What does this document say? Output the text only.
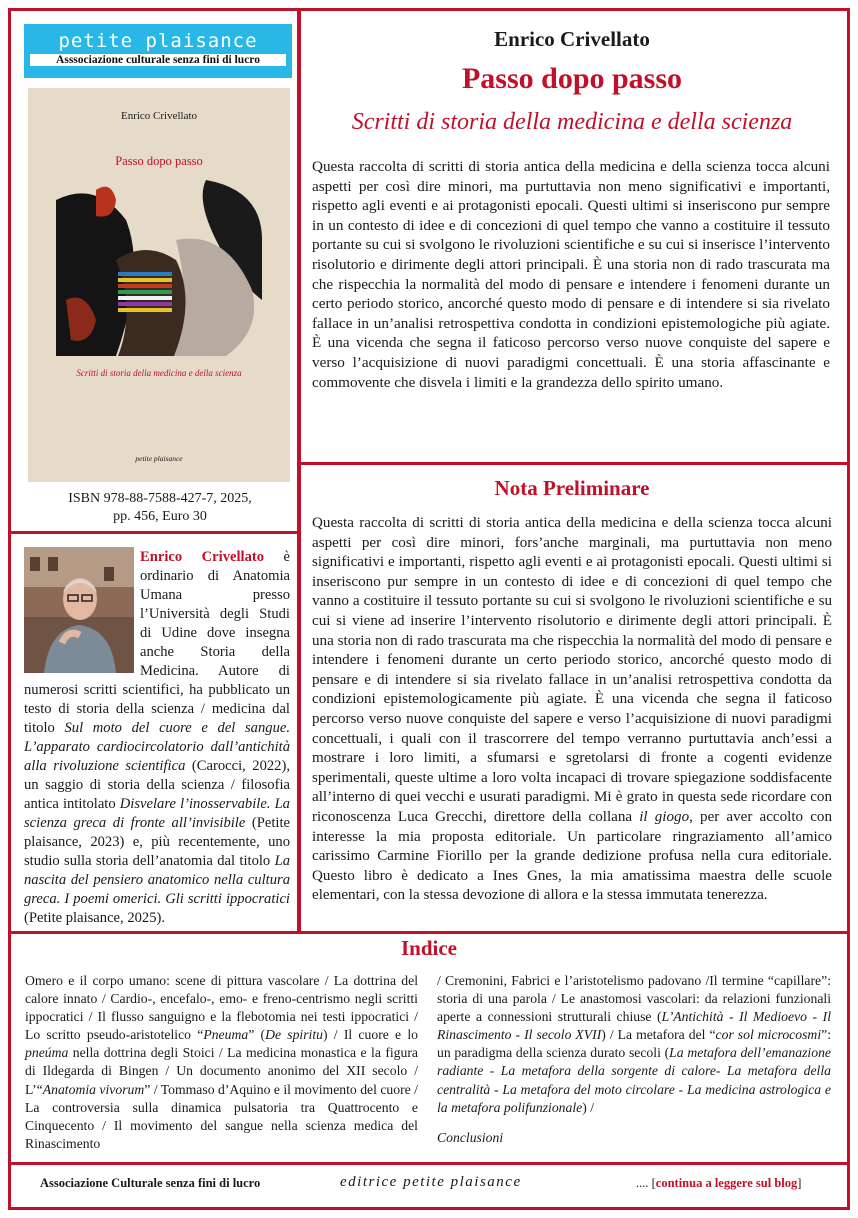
petite plaisance
Asssociazione culturale senza fini di lucro
Enrico Crivellato
Passo dopo passo
Scritti di storia della medicina e della scienza
petite plaisance
ISBN 978-88-7588-427-7, 2025,
pp. 456, Euro 30
Enrico Crivellato
Passo dopo passo
Scritti di storia della medicina e della scienza
Questa raccolta di scritti di storia antica della medicina e della scienza tocca alcuni aspetti per così dire minori, ma purtuttavia non meno significativi e importanti, rispetto agli eventi e ai protagonisti epocali. Questi ultimi si inseriscono pur sempre in un contesto di idee e di concezioni di quel tempo che vanno a costituire il tessuto portante su cui si svolgono le rivoluzioni scientifiche e su cui si inserisce l’intervento risolutorio e dirimente degli attori principali. È una storia non di rado trascurata ma che rispecchia la normalità del modo di pensare e intendere i fenomeni durante un certo periodo storico, ancorché questo modo di pensare e di intendere si sia rivelato fallace in un’analisi retrospettiva condotta in condizioni epistemologiche più agiate. È una vicenda che segna il faticoso percorso verso nuove conquiste del sapere e verso l’acquisizione di nuovi paradigmi concettuali. È una storia affascinante e commovente che disvela i limiti e la grandezza dello spirito umano.
Nota Preliminare
Questa raccolta di scritti di storia antica della medicina e della scienza tocca alcuni aspetti per così dire minori, fors’anche marginali, ma purtuttavia non meno significativi e importanti, rispetto agli eventi e ai protagonisti epocali. Questi ultimi si inseriscono pur sempre in un contesto di idee e di concezioni di quel tempo che vanno a costituire il tessuto portante su cui si svolgono le rivoluzioni scientifiche e su cui si viene ad inserire l’intervento risolutorio e dirimente degli attori principali. È una storia non di rado trascurata ma che rispecchia la normalità del modo di pensare e intendere i fenomeni durante un certo periodo storico, ancorché questo modo di pensare e di intendere si sia rivelato fallace in un’analisi retrospettiva condotta da condizioni epistemologicamente più agiate. È una vicenda che segna il faticoso percorso verso nuove conquiste del sapere e verso l’acquisizione di nuovi paradigmi concettuali, i quali con il trascorrere del tempo verranno purtuttavia anch’essi a mostrare i loro limiti, a sfumarsi e sgretolarsi di fronte a cogenti evidenze sperimentali, queste ultime a loro volta incapaci di trovare spiegazione soddisfacente all’interno di quei vecchi e usurati paradigmi. Mi è grato in questa sede ricordare con riconoscenza Luca Grecchi, direttore della collana il giogo, per aver accolto con interesse la mia proposta editoriale. Un particolare ringraziamento all’amico carissimo Carmine Fiorillo per la grande dedizione profusa nella cura editoriale. Questo libro è dedicato a Ines Gnes, la mia amatissima maestra delle scuole elementari, con la stessa devozione di allora e la stessa immutata tenerezza.
Enrico Crivellato è ordinario di Anatomia Umana presso l’Università degli Studi di Udine dove insegna anche Storia della Medicina. Autore di numerosi scritti scientifici, ha pubblicato un testo di storia della scienza / medicina dal titolo Sul moto del cuore e del sangue. L’apparato cardiocircolatorio dall’antichità alla rivoluzione scientifica (Carocci, 2022), un saggio di storia della scienza / filosofia antica intitolato Disvelare l’inosservabile. La scienza greca di fronte all’invisibile (Petite plaisance, 2023) e, più recentemente, uno studio sulla storia dell’anatomia dal titolo La nascita del pensiero anatomico nella cultura greca. I poemi omerici. Gli scritti ippocratici (Petite plaisance, 2025).
Indice
Omero e il corpo umano: scene di pittura vascolare / La dottrina del calore innato / Cardio-, encefalo-, emo- e freno-centrismo negli scritti ippocratici / Il flusso sanguigno e la flebotomia nei testi ippocratici / Lo scritto pseudo-aristotelico “Pneuma” (De spiritu) / Il cuore e lo pneúma nella dottrina degli Stoici / La medicina monastica e la figura di Ildegarda di Bingen / Un documento anonimo del XII secolo / L’“Anatomia vivorum” / Tommaso d’Aquino e il movimento del cuore / La controversia sulla dinamica pulsatoria tra Quattrocento e Cinquecento / Il movimento del sangue nella scienza medica del Rinascimento
/ Cremonini, Fabrici e l’aristotelismo padovano /Il termine “capillare”: storia di una parola / Le anastomosi vascolari: da relazioni funzionali aperte a connessioni strutturali chiuse (L’Antichità - Il Medioevo - Il Rinascimento - Il secolo XVII) / La metafora del “cor sol microcosmi”: un paradigma della scienza durato secoli (La metafora dell’emanazione radiante - La metafora della sorgente di calore- La metafora della centralità - La metafora del moto circolare - La medicina astrologica e la metafora polifunzionale) /
Conclusioni
Associazione Culturale senza fini di lucro	editrice petite plaisance	.... [continua a leggere sul blog]
